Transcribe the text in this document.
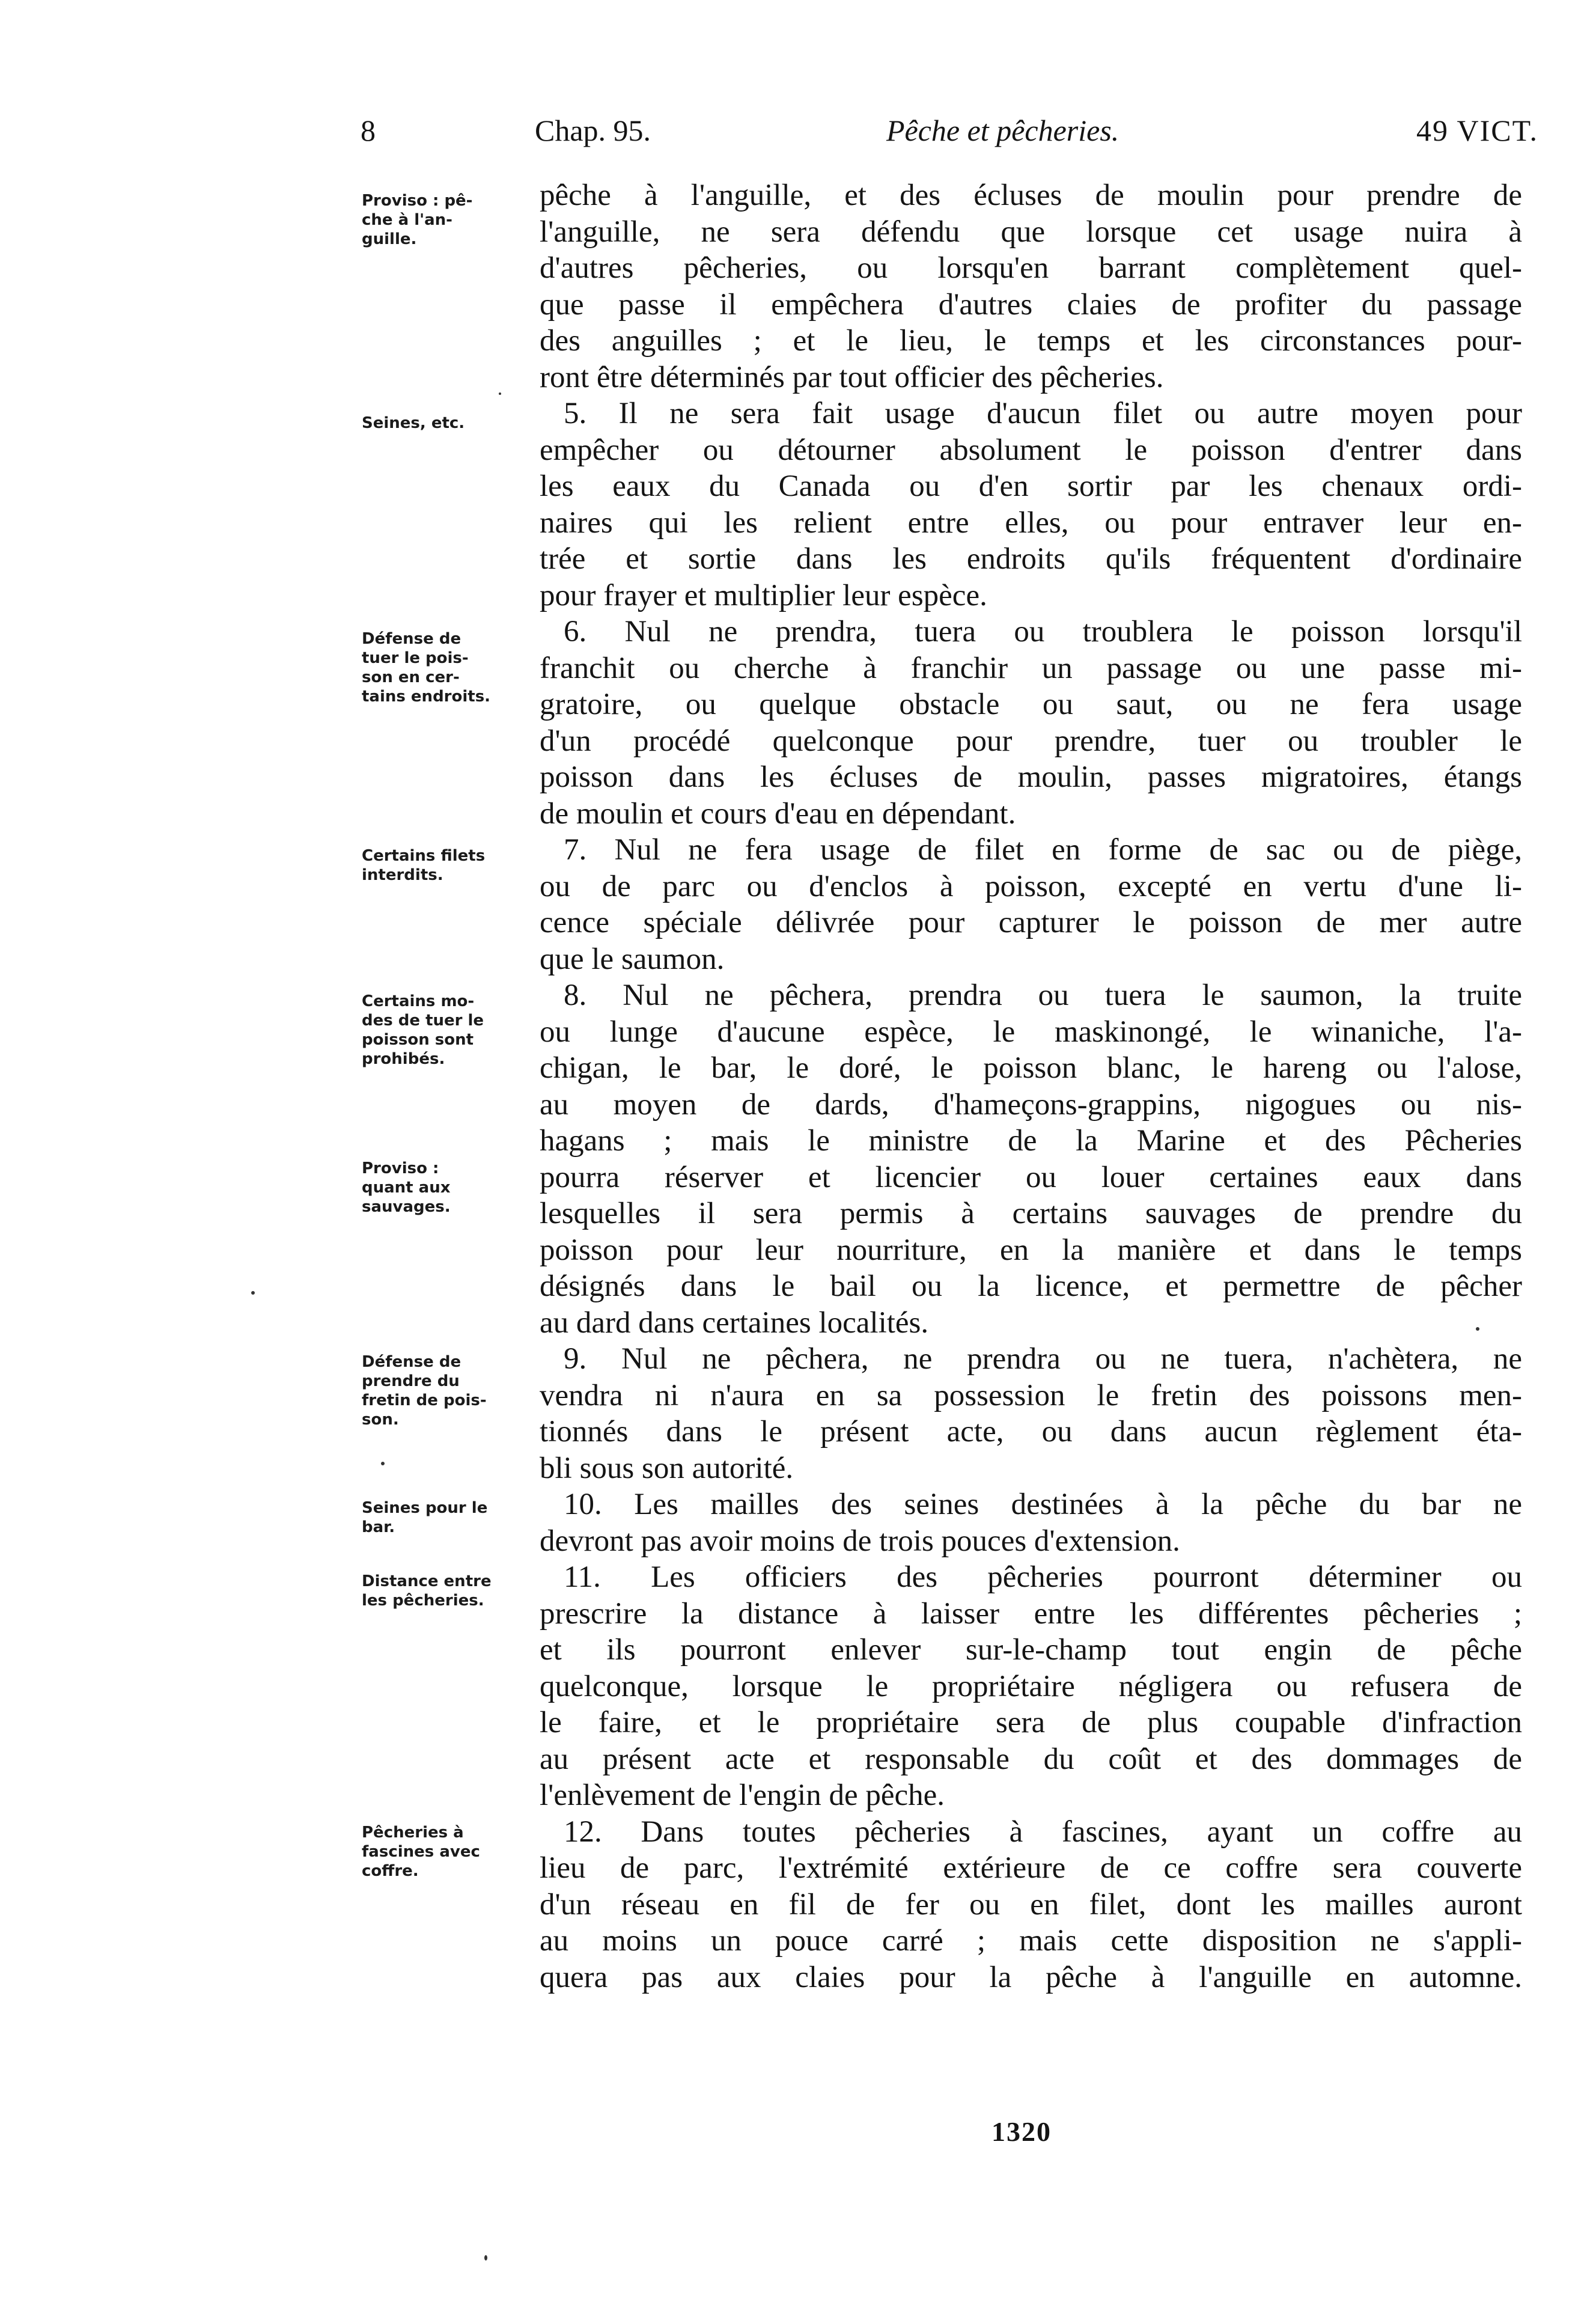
8	Chap. 95.	Pêche et pêcheries.	49 VICT.
Proviso : pê-
che à l'an-
guille.
Seines, etc.
Défense de
tuer le pois-
son en cer-
tains endroits.
Certains filets
interdits.
Certains mo-
des de tuer le
poisson sont
prohibés.
Proviso :
quant aux
sauvages.
Défense de
prendre du
fretin de pois-
son.
Seines pour le
bar.
Distance entre
les pêcheries.
Pêcheries à
fascines avec
coffre.
pêche à l'anguille, et des écluses de moulin pour prendre de
l'anguille, ne sera défendu que lorsque cet usage nuira à
d'autres pêcheries, ou lorsqu'en barrant complètement quel-
que passe il empêchera d'autres claies de profiter du passage
des anguilles ; et le lieu, le temps et les circonstances pour-
ront être déterminés par tout officier des pêcheries.
5. Il ne sera fait usage d'aucun filet ou autre moyen pour
empêcher ou détourner absolument le poisson d'entrer dans
les eaux du Canada ou d'en sortir par les chenaux ordi-
naires qui les relient entre elles, ou pour entraver leur en-
trée et sortie dans les endroits qu'ils fréquentent d'ordinaire
pour frayer et multiplier leur espèce.
6. Nul ne prendra, tuera ou troublera le poisson lorsqu'il
franchit ou cherche à franchir un passage ou une passe mi-
gratoire, ou quelque obstacle ou saut, ou ne fera usage
d'un procédé quelconque pour prendre, tuer ou troubler le
poisson dans les écluses de moulin, passes migratoires, étangs
de moulin et cours d'eau en dépendant.
7. Nul ne fera usage de filet en forme de sac ou de piège,
ou de parc ou d'enclos à poisson, excepté en vertu d'une li-
cence spéciale délivrée pour capturer le poisson de mer autre
que le saumon.
8. Nul ne pêchera, prendra ou tuera le saumon, la truite
ou lunge d'aucune espèce, le maskinongé, le winaniche, l'a-
chigan, le bar, le doré, le poisson blanc, le hareng ou l'alose,
au moyen de dards, d'hameçons-grappins, nigogues ou nis-
hagans ; mais le ministre de la Marine et des Pêcheries
pourra réserver et licencier ou louer certaines eaux dans
lesquelles il sera permis à certains sauvages de prendre du
poisson pour leur nourriture, en la manière et dans le temps
désignés dans le bail ou la licence, et permettre de pêcher
au dard dans certaines localités.
9. Nul ne pêchera, ne prendra ou ne tuera, n'achètera, ne
vendra ni n'aura en sa possession le fretin des poissons men-
tionnés dans le présent acte, ou dans aucun règlement éta-
bli sous son autorité.
10. Les mailles des seines destinées à la pêche du bar ne
devront pas avoir moins de trois pouces d'extension.
11. Les officiers des pêcheries pourront déterminer ou
prescrire la distance à laisser entre les différentes pêcheries ;
et ils pourront enlever sur-le-champ tout engin de pêche
quelconque, lorsque le propriétaire négligera ou refusera de
le faire, et le propriétaire sera de plus coupable d'infraction
au présent acte et responsable du coût et des dommages de
l'enlèvement de l'engin de pêche.
12. Dans toutes pêcheries à fascines, ayant un coffre au
lieu de parc, l'extrémité extérieure de ce coffre sera couverte
d'un réseau en fil de fer ou en filet, dont les mailles auront
au moins un pouce carré ; mais cette disposition ne s'appli-
quera pas aux claies pour la pêche à l'anguille en automne.
1320
